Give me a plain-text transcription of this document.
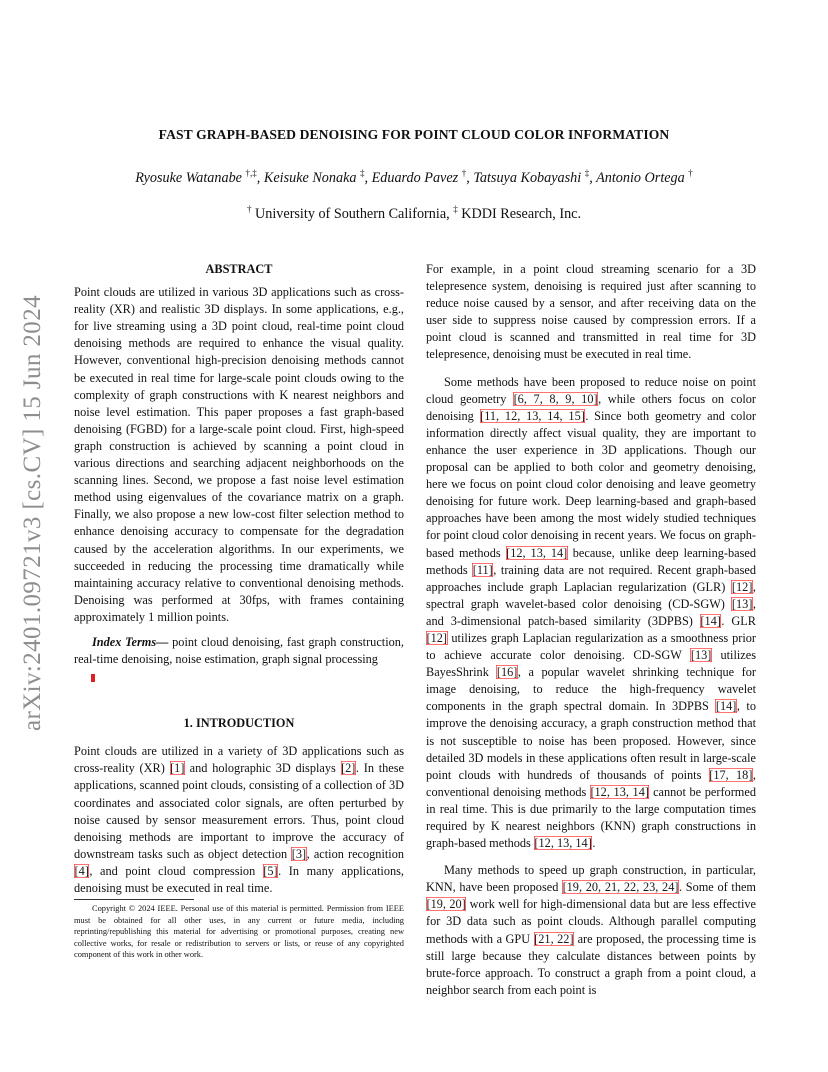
arXiv:2401.09721v3 [cs.CV] 15 Jun 2024
FAST GRAPH-BASED DENOISING FOR POINT CLOUD COLOR INFORMATION
Ryosuke Watanabe †,‡, Keisuke Nonaka ‡, Eduardo Pavez †, Tatsuya Kobayashi ‡, Antonio Ortega †
† University of Southern California, ‡ KDDI Research, Inc.

ABSTRACT

Point clouds are utilized in various 3D applications such as cross-reality (XR) and realistic 3D displays. In some applications, e.g., for live streaming using a 3D point cloud, real-time point cloud denoising methods are required to enhance the visual quality. However, conventional high-precision denoising methods cannot be executed in real time for large-scale point clouds owing to the complexity of graph constructions with K nearest neighbors and noise level estimation. This paper proposes a fast graph-based denoising (FGBD) for a large-scale point cloud. First, high-speed graph construction is achieved by scanning a point cloud in various directions and searching adjacent neighborhoods on the scanning lines. Second, we propose a fast noise level estimation method using eigenvalues of the covariance matrix on a graph. Finally, we also propose a new low-cost filter selection method to enhance denoising accuracy to compensate for the degradation caused by the acceleration algorithms. In our experiments, we succeeded in reducing the processing time dramatically while maintaining accuracy relative to conventional denoising methods. Denoising was performed at 30fps, with frames containing approximately 1 million points.

Index Terms— point cloud denoising, fast graph construction, real-time denoising, noise estimation, graph signal processing

1. INTRODUCTION

Point clouds are utilized in a variety of 3D applications such as cross-reality (XR) [1] and holographic 3D displays [2]. In these applications, scanned point clouds, consisting of a collection of 3D coordinates and associated color signals, are often perturbed by noise caused by sensor measurement errors. Thus, point cloud denoising methods are important to improve the accuracy of downstream tasks such as object detection [3], action recognition [4], and point cloud compression [5]. In many applications, denoising must be executed in real time.

For example, in a point cloud streaming scenario for a 3D telepresence system, denoising is required just after scanning to reduce noise caused by a sensor, and after receiving data on the user side to suppress noise caused by compression errors. If a point cloud is scanned and transmitted in real time for 3D telepresence, denoising must be executed in real time.

Some methods have been proposed to reduce noise on point cloud geometry [6, 7, 8, 9, 10], while others focus on color denoising [11, 12, 13, 14, 15]. Since both geometry and color information directly affect visual quality, they are important to enhance the user experience in 3D applications. Though our proposal can be applied to both color and geometry denoising, here we focus on point cloud color denoising and leave geometry denoising for future work. Deep learning-based and graph-based approaches have been among the most widely studied techniques for point cloud color denoising in recent years. We focus on graph-based methods [12, 13, 14] because, unlike deep learning-based methods [11], training data are not required. Recent graph-based approaches include graph Laplacian regularization (GLR) [12], spectral graph wavelet-based color denoising (CD-SGW) [13], and 3-dimensional patch-based similarity (3DPBS) [14]. GLR [12] utilizes graph Laplacian regularization as a smoothness prior to achieve accurate color denoising. CD-SGW [13] utilizes BayesShrink [16], a popular wavelet shrinking technique for image denoising, to reduce the high-frequency wavelet components in the graph spectral domain. In 3DPBS [14], to improve the denoising accuracy, a graph construction method that is not susceptible to noise has been proposed. However, since detailed 3D models in these applications often result in large-scale point clouds with hundreds of thousands of points [17, 18], conventional denoising methods [12, 13, 14] cannot be performed in real time. This is due primarily to the large computation times required by K nearest neighbors (KNN) graph constructions in graph-based methods [12, 13, 14].

Many methods to speed up graph construction, in particular, KNN, have been proposed [19, 20, 21, 22, 23, 24]. Some of them [19, 20] work well for high-dimensional data but are less effective for 3D data such as point clouds. Although parallel computing methods with a GPU [21, 22] are proposed, the processing time is still large because they calculate distances between points by brute-force approach. To construct a graph from a point cloud, a neighbor search from each point is

Copyright © 2024 IEEE. Personal use of this material is permitted. Permission from IEEE must be obtained for all other uses, in any current or future media, including reprinting/republishing this material for advertising or promotional purposes, creating new collective works, for resale or redistribution to servers or lists, or reuse of any copyrighted component of this work in other work.
